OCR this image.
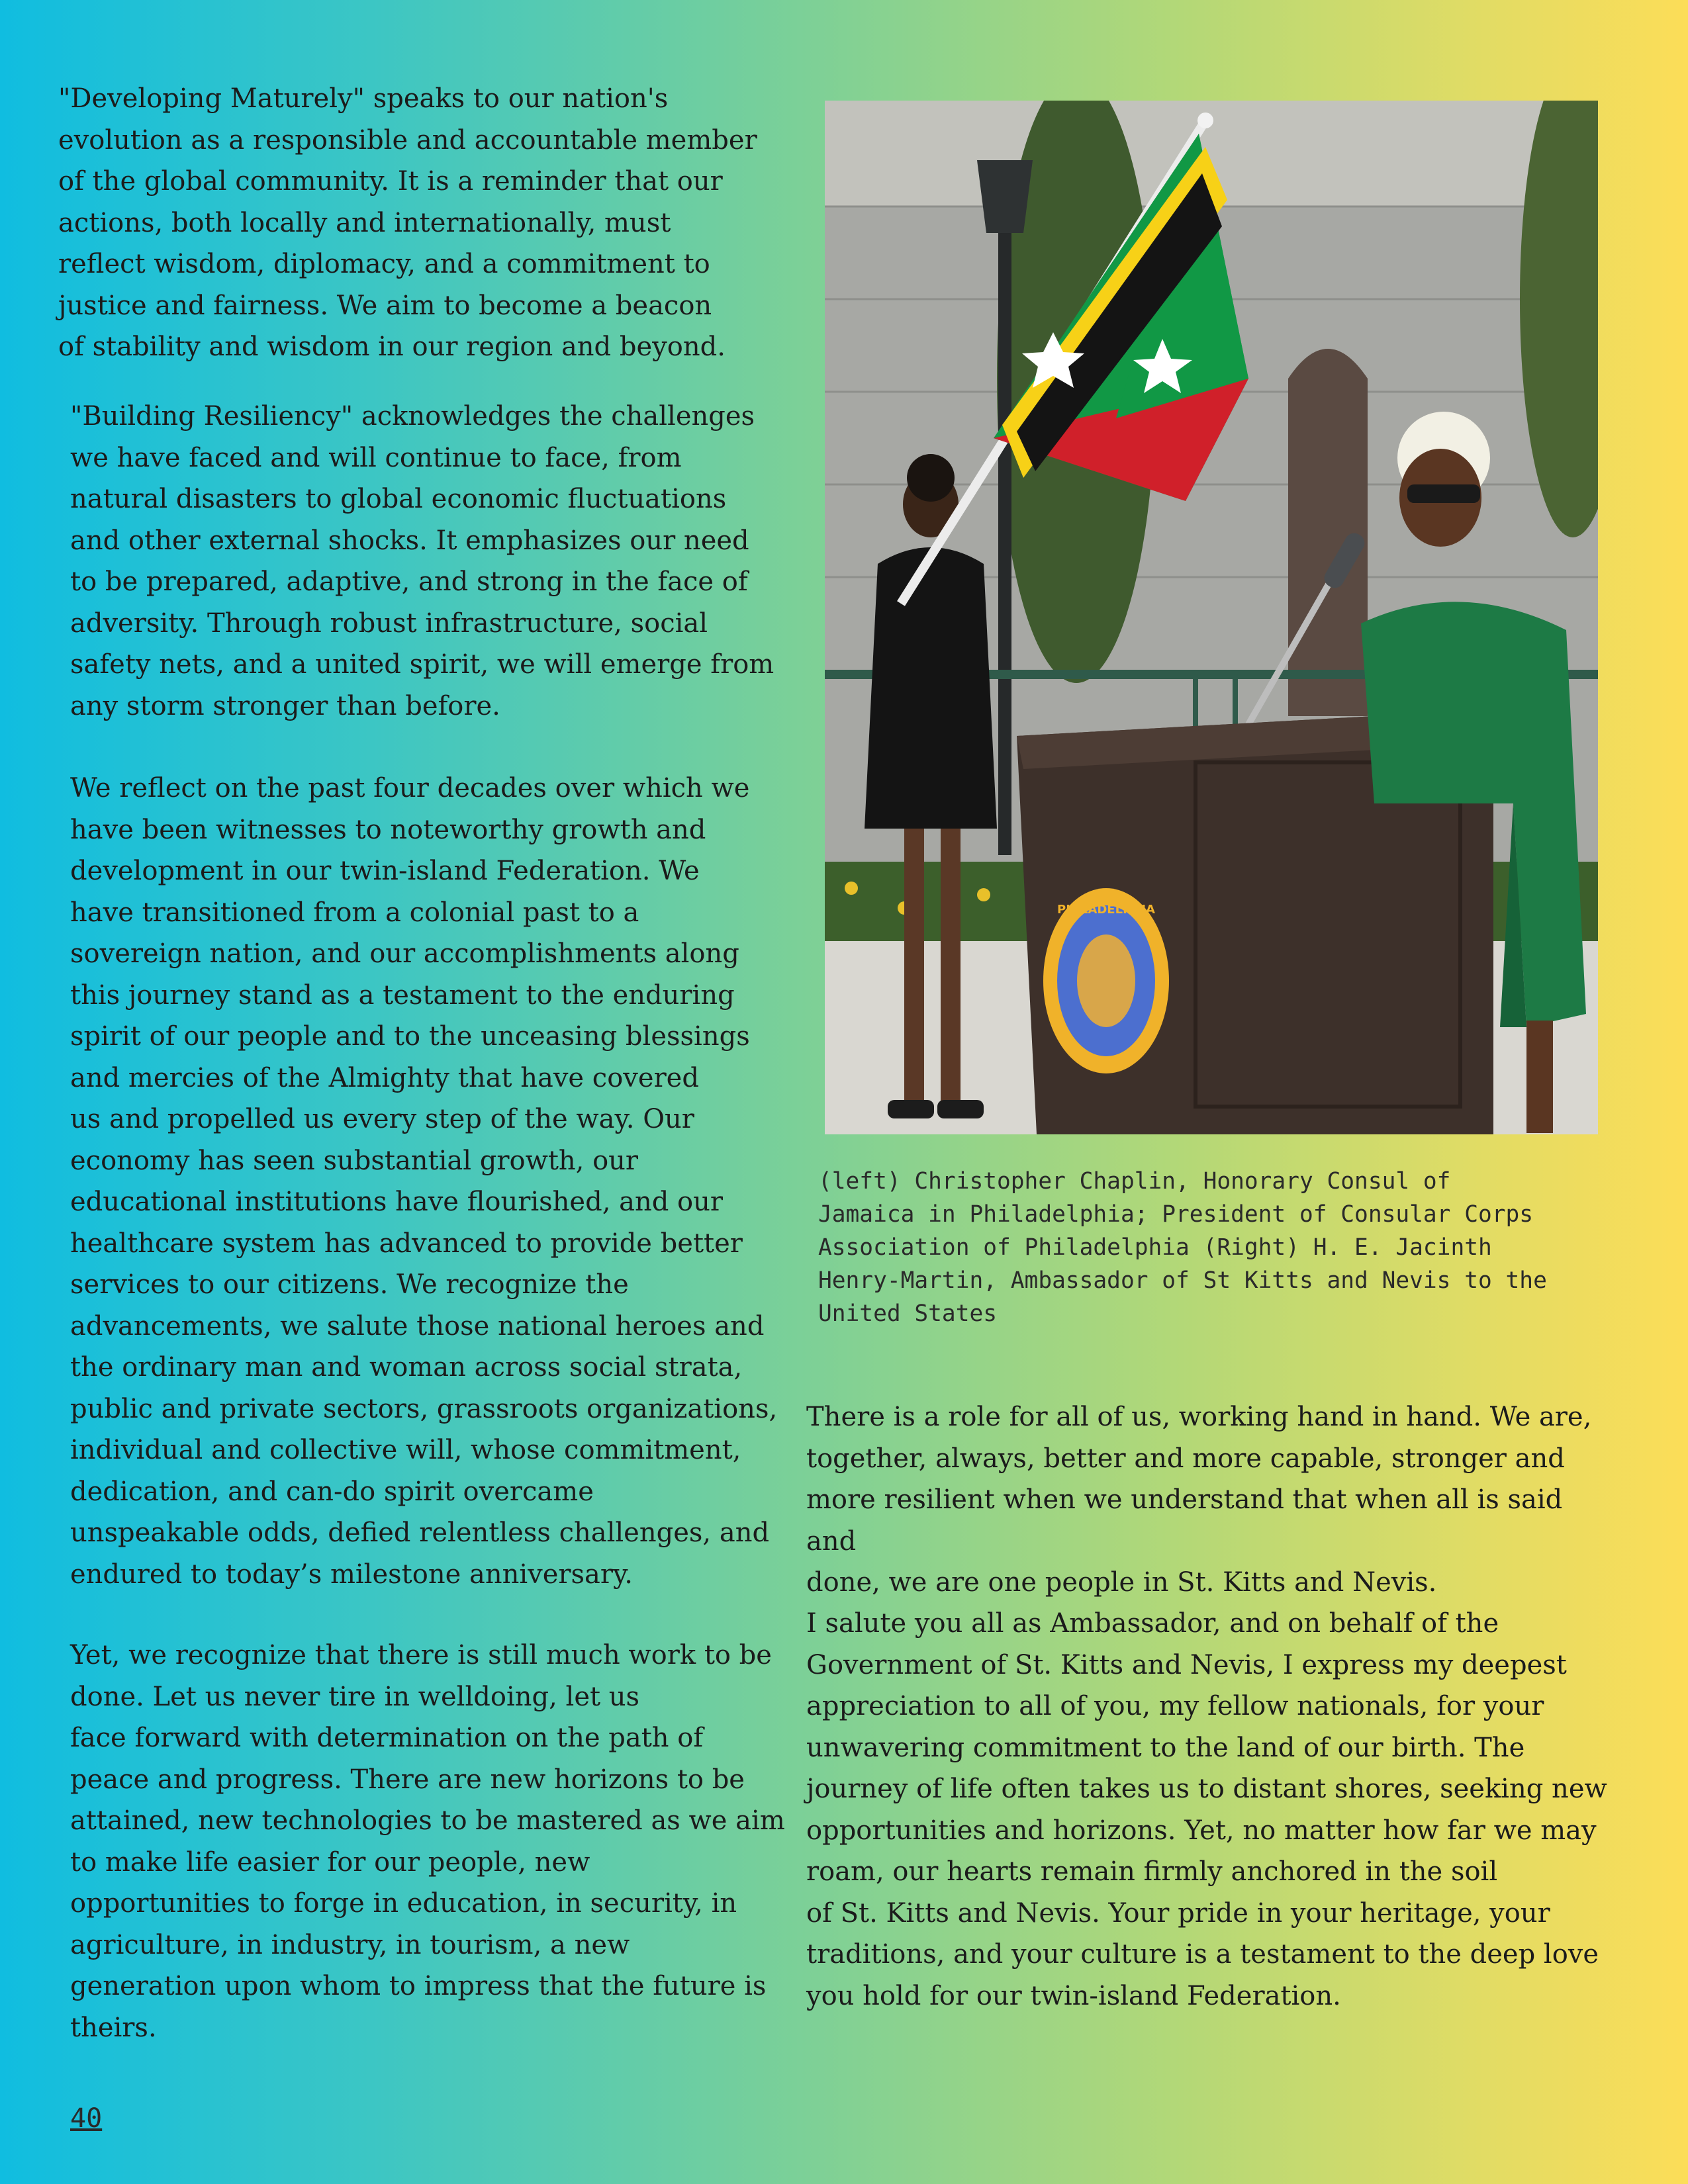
"Developing Maturely" speaks to our nation's
evolution as a responsible and accountable member
of the global community. It is a reminder that our
actions, both locally and internationally, must
reflect wisdom, diplomacy, and a commitment to
justice and fairness. We aim to become a beacon
of stability and wisdom in our region and beyond.

"Building Resiliency" acknowledges the challenges
we have faced and will continue to face, from
natural disasters to global economic fluctuations
and other external shocks. It emphasizes our need
to be prepared, adaptive, and strong in the face of
adversity. Through robust infrastructure, social
safety nets, and a united spirit, we will emerge from
any storm stronger than before.

We reflect on the past four decades over which we
have been witnesses to noteworthy growth and
development in our twin-island Federation. We
have transitioned from a colonial past to a
sovereign nation, and our accomplishments along
this journey stand as a testament to the enduring
spirit of our people and to the unceasing blessings
and mercies of the Almighty that have covered
us and propelled us every step of the way. Our
economy has seen substantial growth, our
educational institutions have flourished, and our
healthcare system has advanced to provide better
services to our citizens. We recognize the
advancements, we salute those national heroes and
the ordinary man and woman across social strata,
public and private sectors, grassroots organizations,
individual and collective will, whose commitment,
dedication, and can-do spirit overcame
unspeakable odds, defied relentless challenges, and
endured to today’s milestone anniversary.

Yet, we recognize that there is still much work to be
done. Let us never tire in welldoing, let us
face forward with determination on the path of
peace and progress. There are new horizons to be
attained, new technologies to be mastered as we aim
to make life easier for our people, new
opportunities to forge in education, in security, in
agriculture, in industry, in tourism, a new
generation upon whom to impress that the future is
theirs.

PHILADELPHIA

(left) Christopher Chaplin, Honorary Consul of
Jamaica in Philadelphia; President of Consular Corps
Association of Philadelphia (Right) H. E. Jacinth
Henry-Martin, Ambassador of St Kitts and Nevis to the
United States

There is a role for all of us, working hand in hand. We are,
together, always, better and more capable, stronger and
more resilient when we understand that when all is said and
done, we are one people in St. Kitts and Nevis.

I salute you all as Ambassador, and on behalf of the
Government of St. Kitts and Nevis, I express my deepest
appreciation to all of you, my fellow nationals, for your
unwavering commitment to the land of our birth. The
journey of life often takes us to distant shores, seeking new
opportunities and horizons. Yet, no matter how far we may
roam, our hearts remain firmly anchored in the soil
of St. Kitts and Nevis. Your pride in your heritage, your
traditions, and your culture is a testament to the deep love
you hold for our twin-island Federation.

40
